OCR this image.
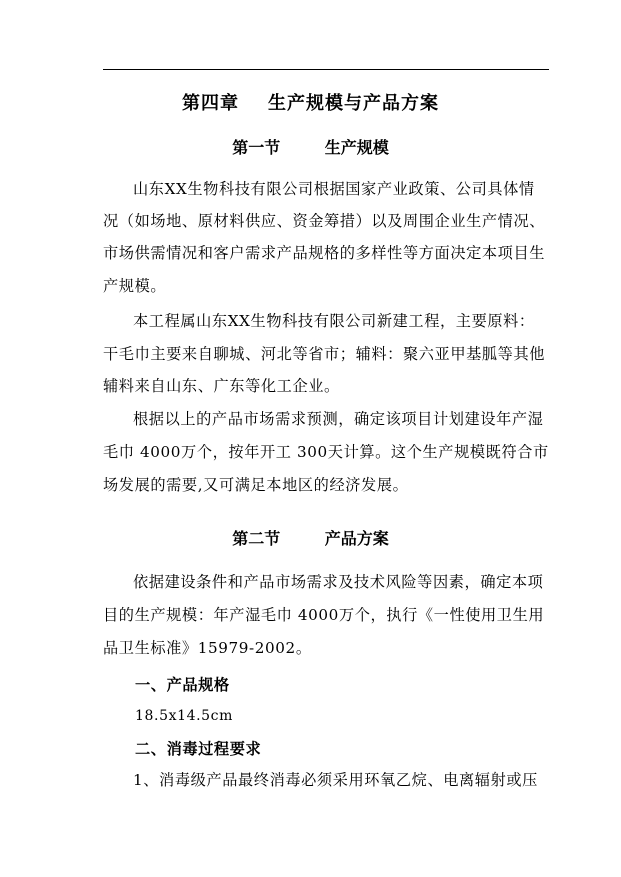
第四章    生产规模与产品方案
第一节        生产规模
山东XX生物科技有限公司根据国家产业政策、公司具体情
况（如场地、原材料供应、资金筹措）以及周围企业生产情况、
市场供需情况和客户需求产品规格的多样性等方面决定本项目生
产规模。
本工程属山东XX生物科技有限公司新建工程，主要原料：
干毛巾主要来自聊城、河北等省市；辅料：聚六亚甲基胍等其他
辅料来自山东、广东等化工企业。
根据以上的产品市场需求预测，确定该项目计划建设年产湿
毛巾 4000万个，按年开工 300天计算。这个生产规模既符合市
场发展的需要,又可满足本地区的经济发展。
第二节        产品方案
依据建设条件和产品市场需求及技术风险等因素，确定本项
目的生产规模：年产湿毛巾 4000万个，执行《一性使用卫生用
品卫生标准》15979-2002。
一、产品规格
18.5x14.5cm
二、消毒过程要求
1、消毒级产品最终消毒必须采用环氧乙烷、电离辐射或压
